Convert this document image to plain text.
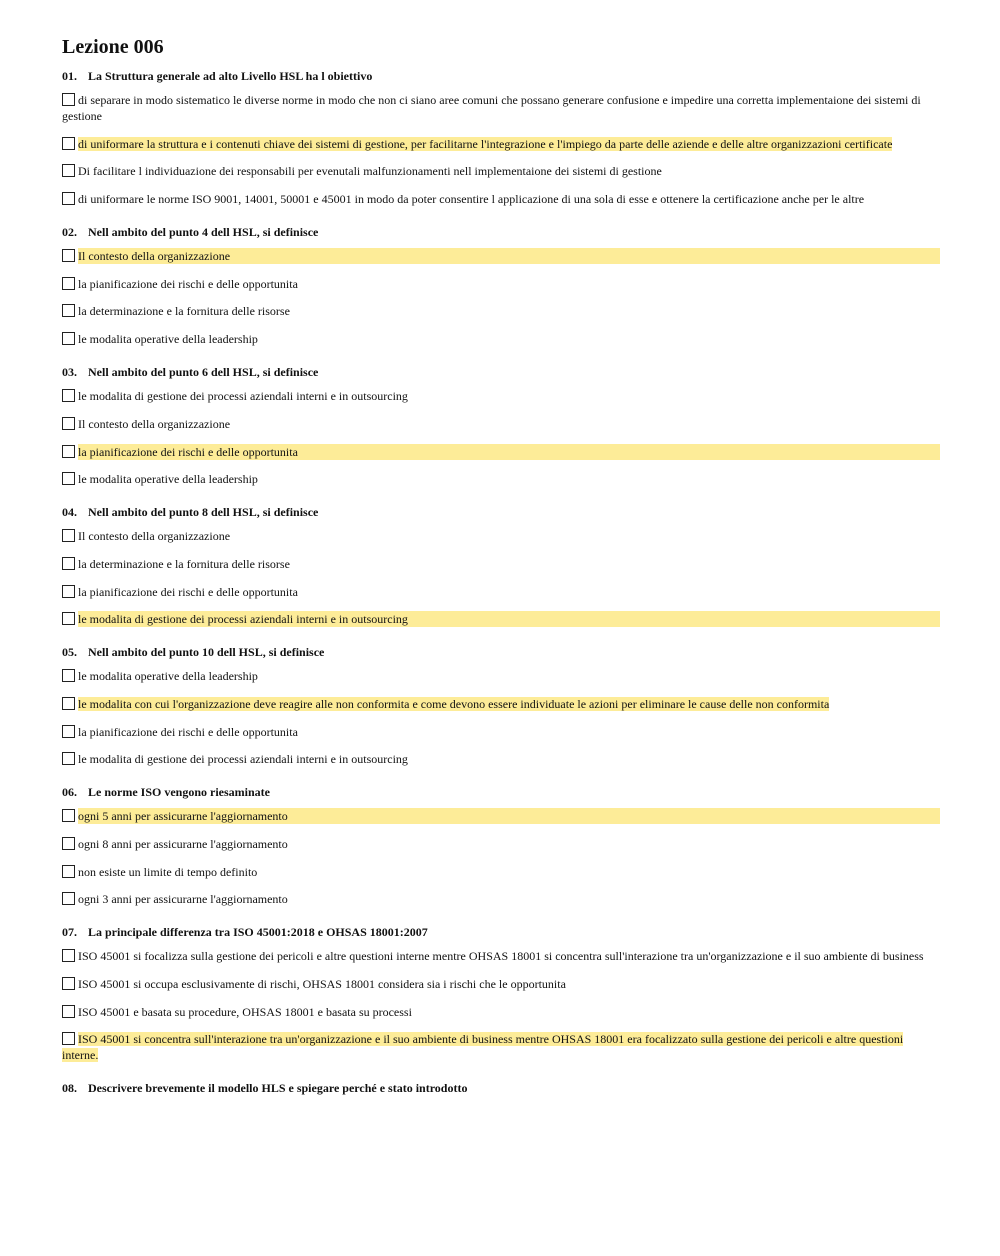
Lezione 006
01. La Struttura generale ad alto Livello HSL ha l obiettivo
di separare in modo sistematico le diverse norme in modo che non ci siano aree comuni che possano generare confusione e impedire una corretta implementaione dei sistemi di gestione
di uniformare la struttura e i contenuti chiave dei sistemi di gestione, per facilitarne l'integrazione e l'impiego da parte delle aziende e delle altre organizzazioni certificate
Di facilitare l individuazione dei responsabili per evenutali malfunzionamenti nell implementaione dei sistemi di gestione
di uniformare le norme ISO 9001, 14001, 50001 e 45001 in modo da poter consentire l applicazione di una sola di esse e ottenere la certificazione anche per le altre
02. Nell ambito del punto 4 dell HSL, si definisce
Il contesto della organizzazione
la pianificazione dei rischi e delle opportunita
la determinazione e la fornitura delle risorse
le modalita operative della leadership
03. Nell ambito del punto 6 dell HSL, si definisce
le modalita di gestione dei processi aziendali interni e in outsourcing
Il contesto della organizzazione
la pianificazione dei rischi e delle opportunita
le modalita operative della leadership
04. Nell ambito del punto 8 dell HSL, si definisce
Il contesto della organizzazione
la determinazione e la fornitura delle risorse
la pianificazione dei rischi e delle opportunita
le modalita di gestione dei processi aziendali interni e in outsourcing
05. Nell ambito del punto 10 dell HSL, si definisce
le modalita operative della leadership
le modalita con cui l'organizzazione deve reagire alle non conformita e come devono essere individuate le azioni per eliminare le cause delle non conformita
la pianificazione dei rischi e delle opportunita
le modalita di gestione dei processi aziendali interni e in outsourcing
06. Le norme ISO vengono riesaminate
ogni 5 anni per assicurarne l'aggiornamento
ogni 8 anni per assicurarne l'aggiornamento
non esiste un limite di tempo definito
ogni 3 anni per assicurarne l'aggiornamento
07. La principale differenza tra ISO 45001:2018 e OHSAS 18001:2007
ISO 45001 si focalizza sulla gestione dei pericoli e altre questioni interne mentre OHSAS 18001 si concentra sull'interazione tra un'organizzazione e il suo ambiente di business
ISO 45001 si occupa esclusivamente di rischi, OHSAS 18001 considera sia i rischi che le opportunita
ISO 45001 e basata su procedure, OHSAS 18001 e basata su processi
ISO 45001 si concentra sull'interazione tra un'organizzazione e il suo ambiente di business mentre OHSAS 18001 era focalizzato sulla gestione dei pericoli e altre questioni interne.
08. Descrivere brevemente il modello HLS e spiegare perché e stato introdotto
